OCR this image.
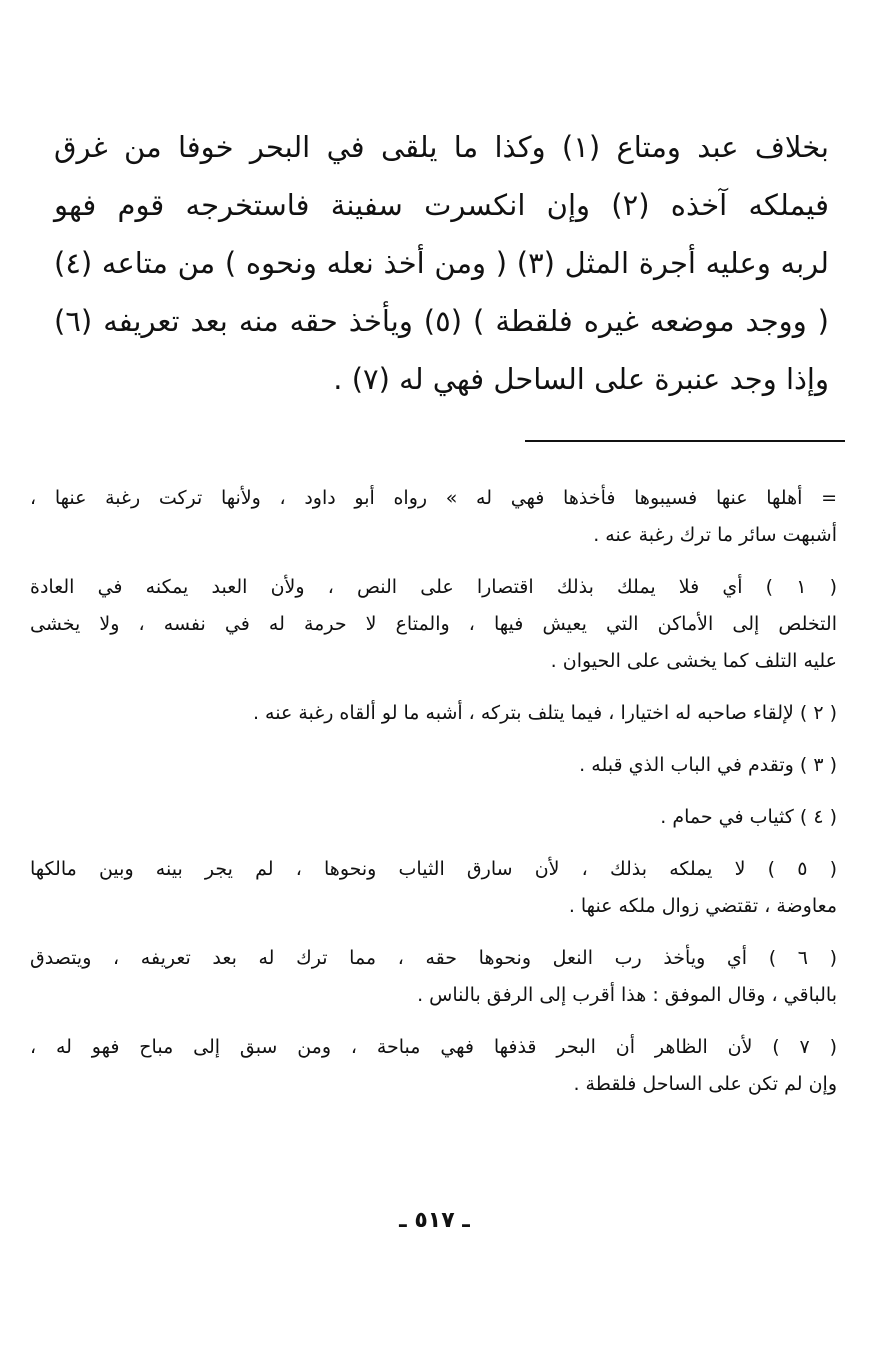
بخلاف عبد ومتاع (١) وكذا ما يلقى في البحر خوفا من غرق
فيملكه آخذه (٢) وإن انكسرت سفينة فاستخرجه قوم فهو
لربه وعليه أجرة المثل (٣) ( ومن أخذ نعله ونحوه ) من متاعه (٤)
( ووجد موضعه غيره فلقطة ) (٥) ويأخذ حقه منه بعد تعريفه (٦)
وإذا وجد عنبرة على الساحل فهي له (٧) .
= أهلها عنها فسيبوها فأخذها فهي له » رواه أبو داود ، ولأنها تركت رغبة عنها ،
أشبهت سائر ما ترك رغبة عنه .
( ١ ) أي فلا يملك بذلك اقتصارا على النص ، ولأن العبد يمكنه في العادة
التخلص إلى الأماكن التي يعيش فيها ، والمتاع لا حرمة له في نفسه ، ولا يخشى
عليه التلف كما يخشى على الحيوان .
( ٢ ) لإلقاء صاحبه له اختيارا ، فيما يتلف بتركه ، أشبه ما لو ألقاه رغبة عنه .
( ٣ ) وتقدم في الباب الذي قبله .
( ٤ ) كثياب في حمام .
( ٥ ) لا يملكه بذلك ، لأن سارق الثياب ونحوها ، لم يجر بينه وبين مالكها
معاوضة ، تقتضي زوال ملكه عنها .
( ٦ ) أي ويأخذ رب النعل ونحوها حقه ، مما ترك له بعد تعريفه ، ويتصدق
بالباقي ، وقال الموفق : هذا أقرب إلى الرفق بالناس .
( ٧ ) لأن الظاهر أن البحر قذفها فهي مباحة ، ومن سبق إلى مباح فهو له ،
وإن لم تكن على الساحل فلقطة .
ـ ٥١٧ ـ
